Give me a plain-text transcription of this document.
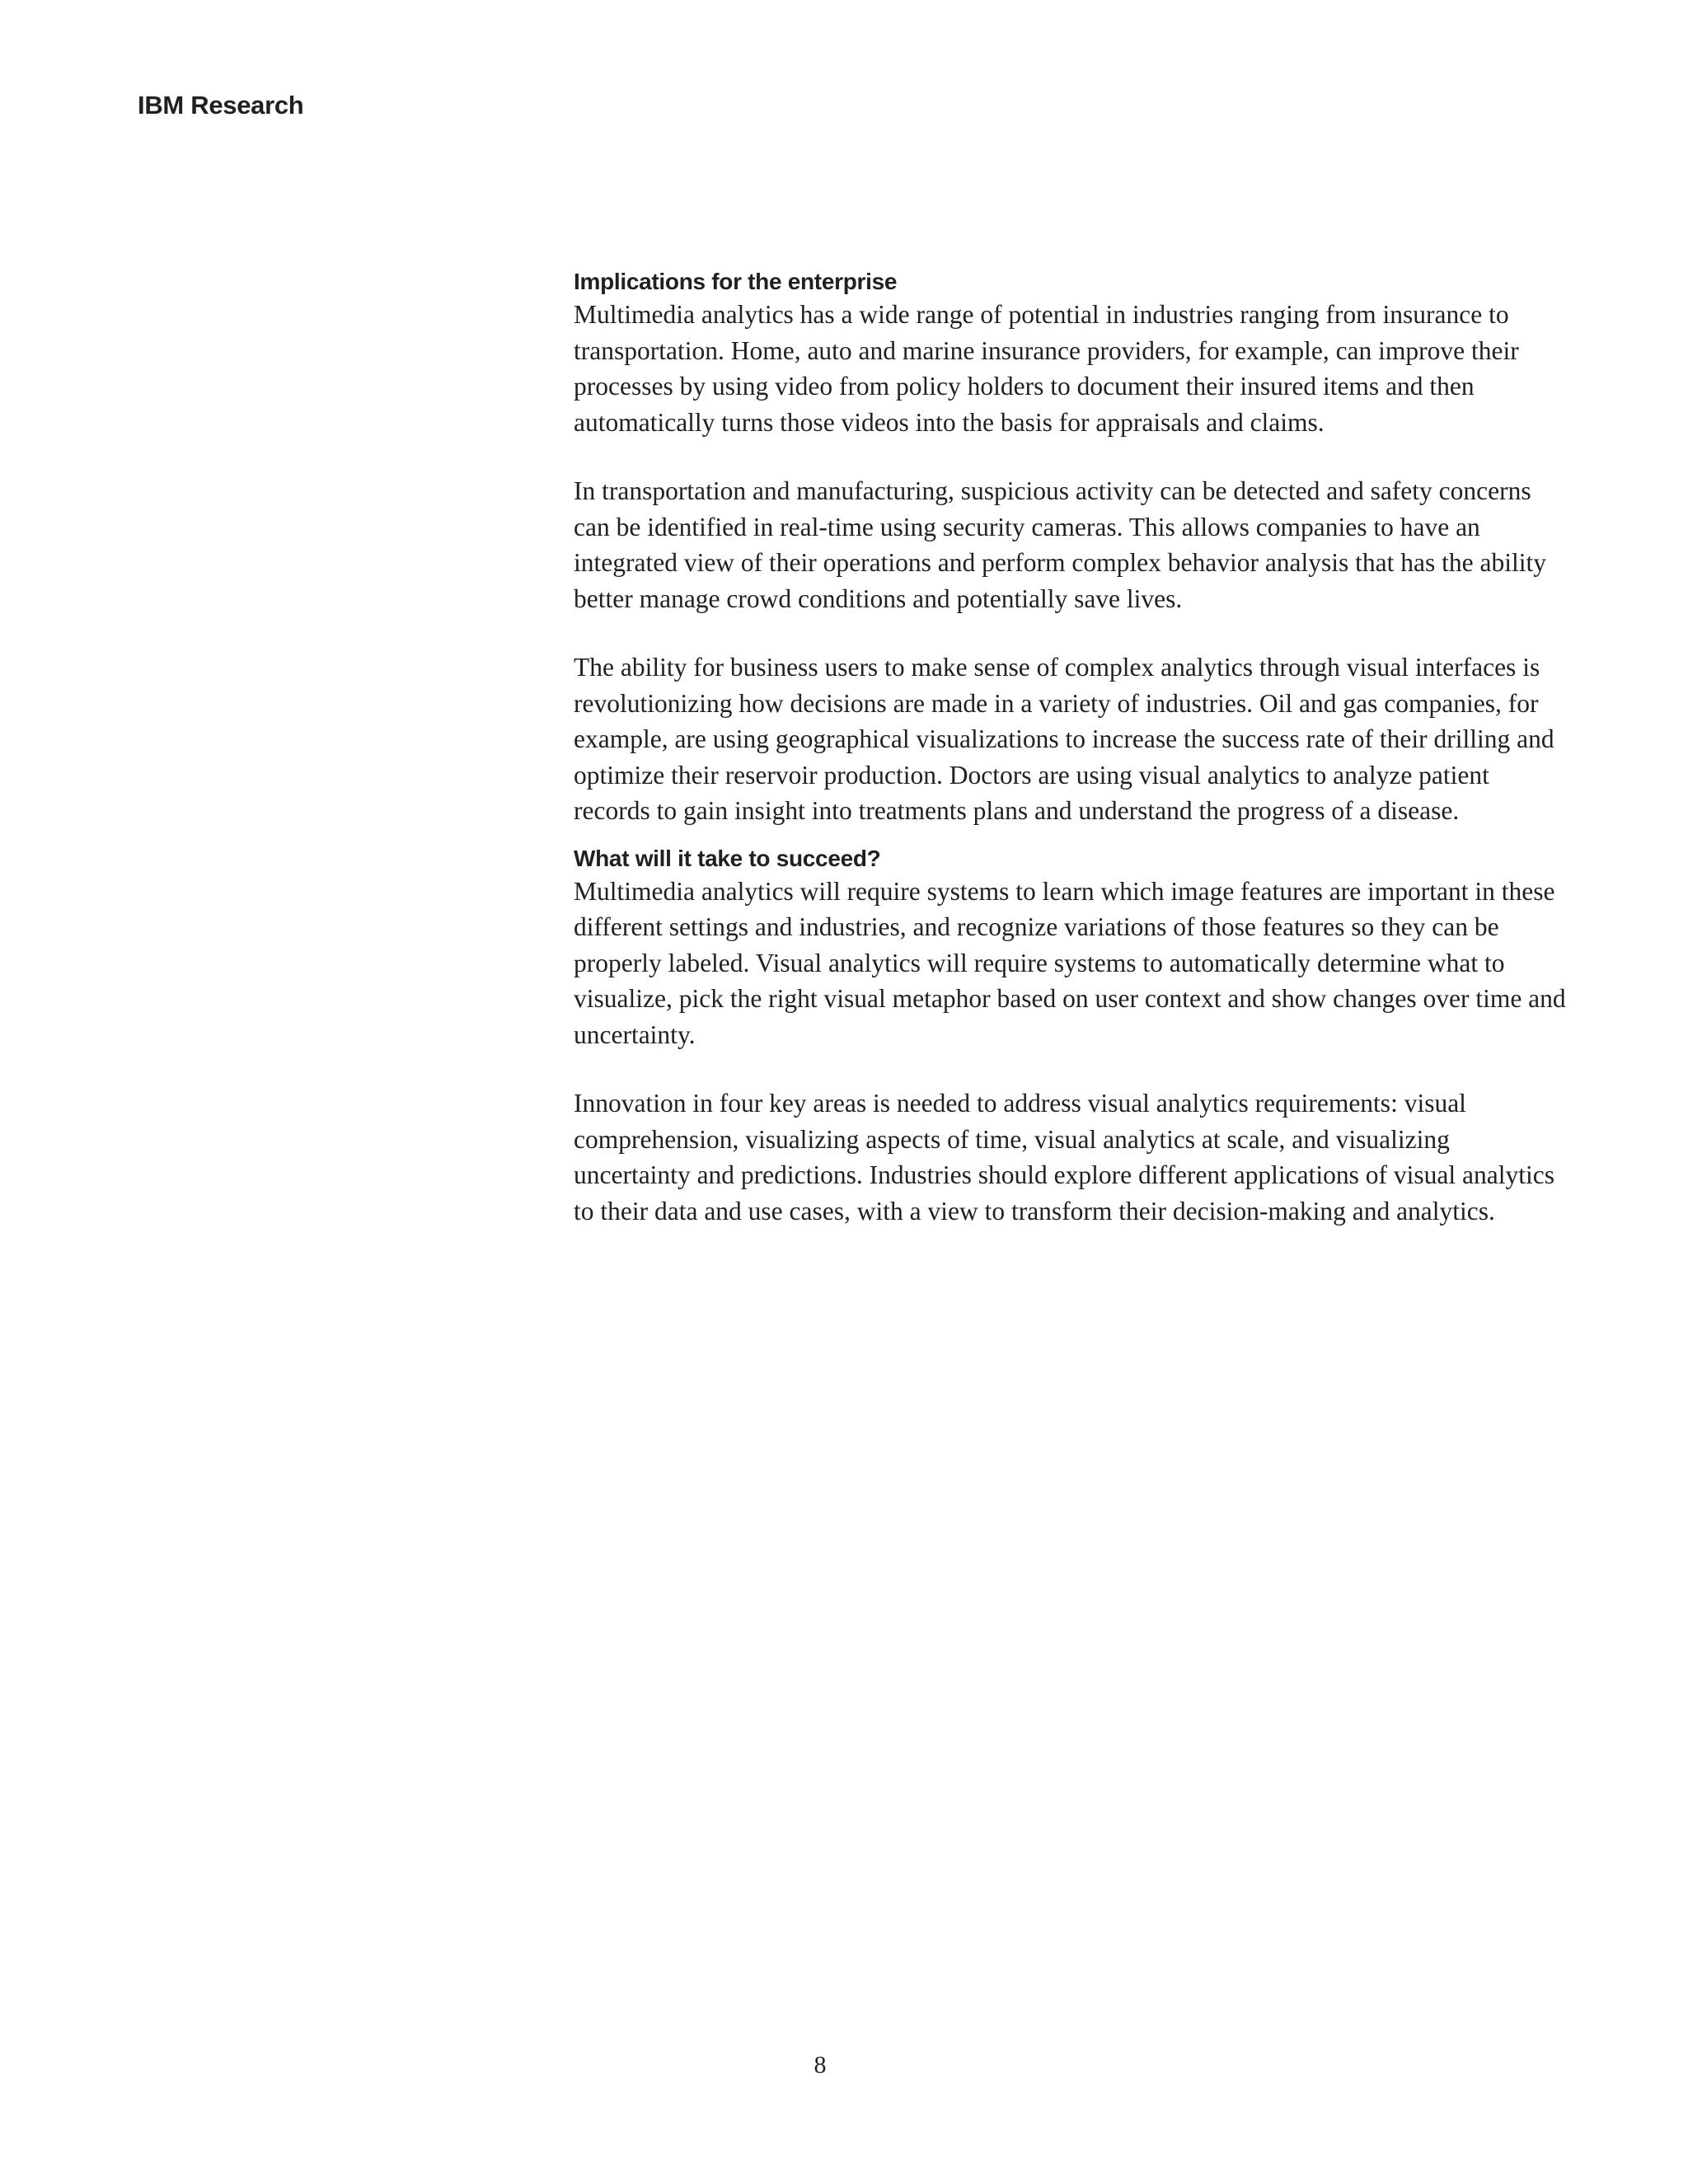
IBM Research
Implications for the enterprise

Multimedia analytics has a wide range of potential in industries ranging from insurance to transportation. Home, auto and marine insurance providers, for example, can improve their processes by using video from policy holders to document their insured items and then automatically turns those videos into the basis for appraisals and claims.

In transportation and manufacturing, suspicious activity can be detected and safety concerns can be identified in real-time using security cameras. This allows companies to have an integrated view of their operations and perform complex behavior analysis that has the ability better manage crowd conditions and potentially save lives.

The ability for business users to make sense of complex analytics through visual interfaces is revolutionizing how decisions are made in a variety of industries. Oil and gas companies, for example, are using geographical visualizations to increase the success rate of their drilling and optimize their reservoir production. Doctors are using visual analytics to analyze patient records to gain insight into treatments plans and understand the progress of a disease.

What will it take to succeed?

Multimedia analytics will require systems to learn which image features are important in these different settings and industries, and recognize variations of those features so they can be properly labeled. Visual analytics will require systems to automatically determine what to visualize, pick the right visual metaphor based on user context and show changes over time and uncertainty.

Innovation in four key areas is needed to address visual analytics requirements: visual comprehension, visualizing aspects of time, visual analytics at scale, and visualizing uncertainty and predictions. Industries should explore different applications of visual analytics to their data and use cases, with a view to transform their decision-making and analytics.

8
